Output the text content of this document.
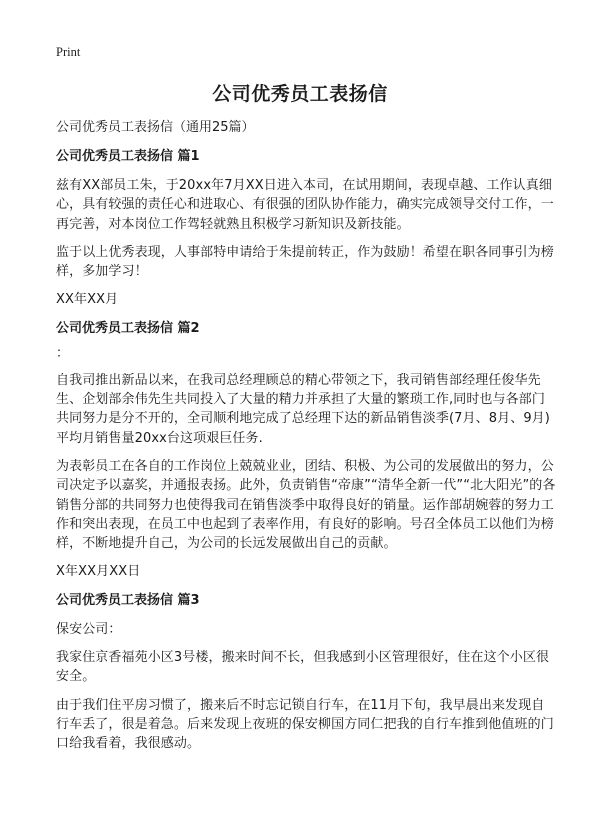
Print
公司优秀员工表扬信

公司优秀员工表扬信（通用25篇）

公司优秀员工表扬信 篇1

兹有XX部员工朱，于20xx年7月XX日进入本司，在试用期间，表现卓越、工作认真细心，具有较强的责任心和进取心、有很强的团队协作能力，确实完成领导交付工作，一再完善，对本岗位工作驾轻就熟且积极学习新知识及新技能。

监于以上优秀表现，人事部特申请给于朱提前转正，作为鼓励！希望在职各同事引为榜样，多加学习！

XX年XX月

公司优秀员工表扬信 篇2

：

自我司推出新品以来，在我司总经理顾总的精心带领之下，我司销售部经理任俊华先生、企划部余伟先生共同投入了大量的精力并承担了大量的繁琐工作,同时也与各部门共同努力是分不开的，全司顺利地完成了总经理下达的新品销售淡季(7月、8月、9月)平均月销售量20xx台这项艰巨任务.

为表彰员工在各自的工作岗位上兢兢业业，团结、积极、为公司的发展做出的努力，公司决定予以嘉奖，并通报表扬。此外，负责销售“帝康”“清华全新一代”“北大阳光”的各销售分部的共同努力也使得我司在销售淡季中取得良好的销量。运作部胡婉蓉的努力工作和突出表现，在员工中也起到了表率作用，有良好的影响。号召全体员工以他们为榜样，不断地提升自己，为公司的长远发展做出自己的贡献。

X年XX月XX日

公司优秀员工表扬信 篇3

保安公司：

我家住京香福苑小区3号楼，搬来时间不长，但我感到小区管理很好，住在这个小区很安全。

由于我们住平房习惯了，搬来后不时忘记锁自行车，在11月下旬，我早晨出来发现自行车丢了，很是着急。后来发现上夜班的保安柳国方同仁把我的自行车推到他值班的门口给我看着，我很感动。
